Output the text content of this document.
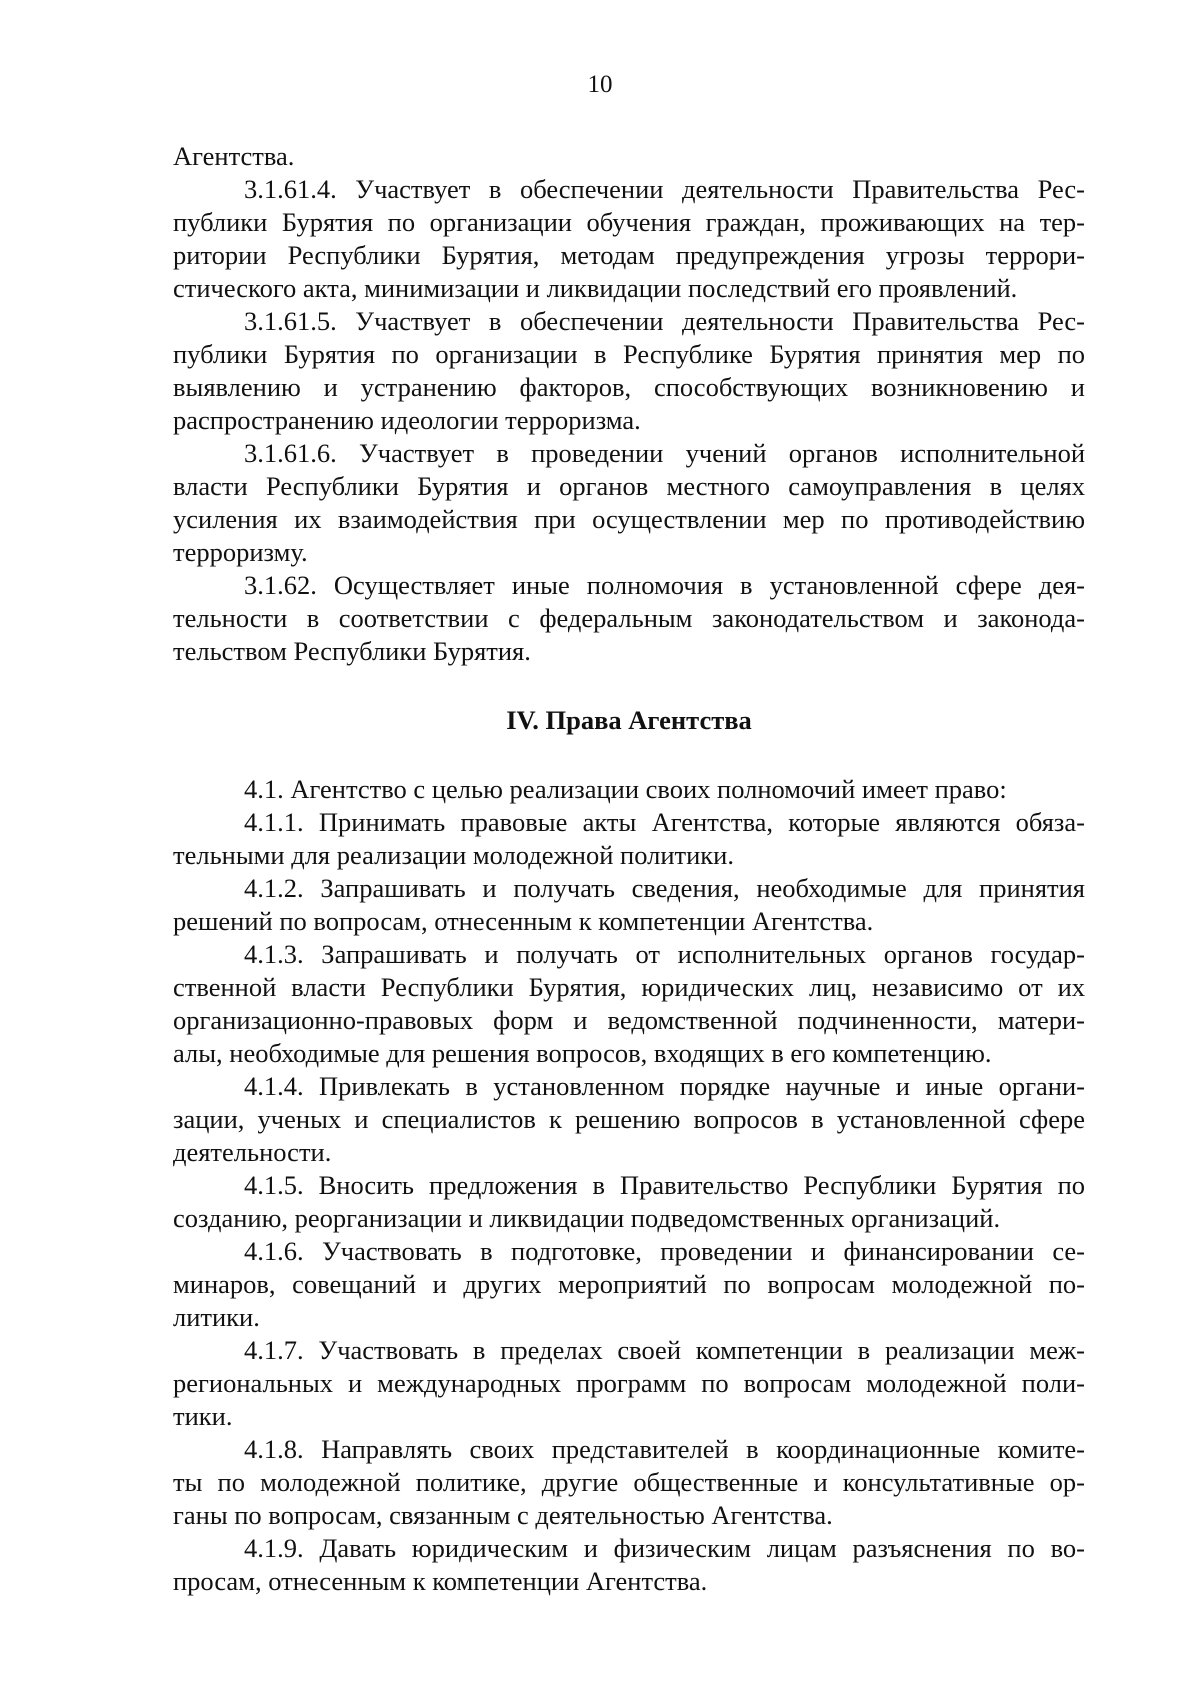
10
Агентства.
3.1.61.4. Участвует в обеспечении деятельности Правительства Рес-
публики Бурятия по организации обучения граждан, проживающих на тер-
ритории Республики Бурятия, методам предупреждения угрозы террори-
стического акта, минимизации и ликвидации последствий его проявлений.
3.1.61.5. Участвует в обеспечении деятельности Правительства Рес-
публики Бурятия по организации в Республике Бурятия принятия мер по
выявлению и устранению факторов, способствующих возникновению и
распространению идеологии терроризма.
3.1.61.6. Участвует в проведении учений органов исполнительной
власти Республики Бурятия и органов местного самоуправления в целях
усиления их взаимодействия при осуществлении мер по противодействию
терроризму.
3.1.62. Осуществляет иные полномочия в установленной сфере дея-
тельности в соответствии с федеральным законодательством и законода-
тельством Республики Бурятия.
IV. Права Агентства
4.1. Агентство с целью реализации своих полномочий имеет право:
4.1.1. Принимать правовые акты Агентства, которые являются обяза-
тельными для реализации молодежной политики.
4.1.2. Запрашивать и получать сведения, необходимые для принятия
решений по вопросам, отнесенным к компетенции Агентства.
4.1.3. Запрашивать и получать от исполнительных органов государ-
ственной власти Республики Бурятия, юридических лиц, независимо от их
организационно-правовых форм и ведомственной подчиненности, матери-
алы, необходимые для решения вопросов, входящих в его компетенцию.
4.1.4. Привлекать в установленном порядке научные и иные органи-
зации, ученых и специалистов к решению вопросов в установленной сфере
деятельности.
4.1.5. Вносить предложения в Правительство Республики Бурятия по
созданию, реорганизации и ликвидации подведомственных организаций.
4.1.6. Участвовать в подготовке, проведении и финансировании се-
минаров, совещаний и других мероприятий по вопросам молодежной по-
литики.
4.1.7. Участвовать в пределах своей компетенции в реализации меж-
региональных и международных программ по вопросам молодежной поли-
тики.
4.1.8. Направлять своих представителей в координационные комите-
ты по молодежной политике, другие общественные и консультативные ор-
ганы по вопросам, связанным с деятельностью Агентства.
4.1.9. Давать юридическим и физическим лицам разъяснения по во-
просам, отнесенным к компетенции Агентства.
